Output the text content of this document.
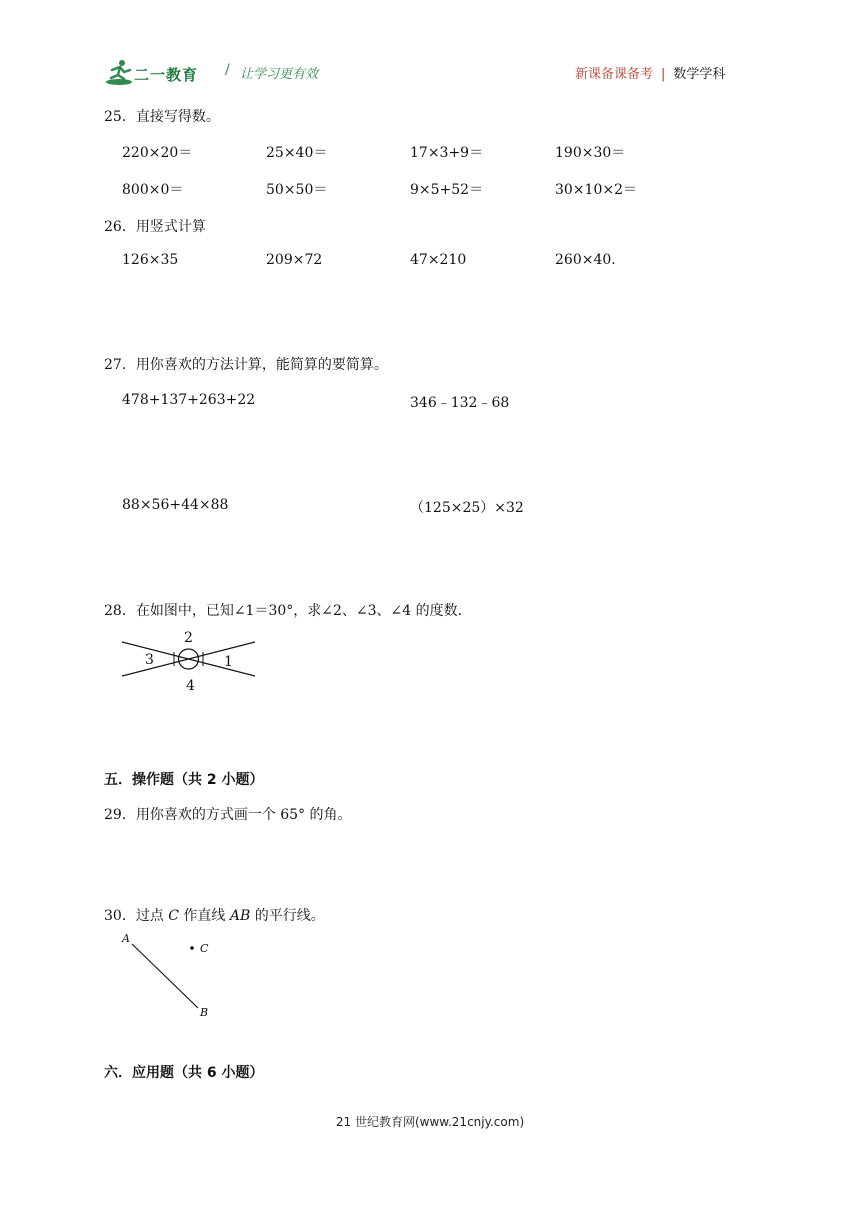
二一教育 / 让学习更有效	新课备课备考 | 数学学科
25．直接写得数。
220×20＝	25×40＝	17×3+9＝	190×30＝
800×0＝	50×50＝	9×5+52＝	30×10×2＝
26．用竖式计算
126×35	209×72	47×210	260×40.
27．用你喜欢的方法计算，能简算的要简算。
478+137+263+22	346﹣132﹣68
88×56+44×88	（125×25）×32
28．在如图中，已知∠1＝30°，求∠2、∠3、∠4 的度数.
1
2
3
4
五．操作题（共 2 小题）
29．用你喜欢的方式画一个 65° 的角。
30．过点 C 作直线 AB 的平行线。
A
B
C
六．应用题（共 6 小题）
21 世纪教育网(www.21cnjy.com)
